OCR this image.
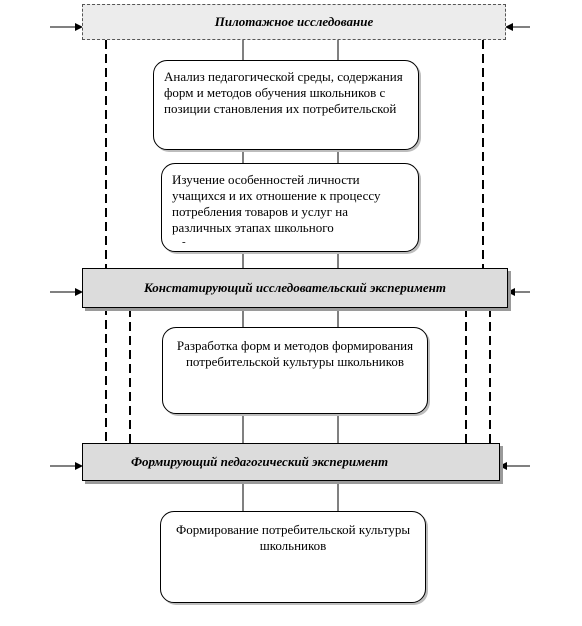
Пилотажное исследование
Анализ педагогической среды, содержания форм и методов обучения школьников с позиции становления их потребительской
Изучение особенностей личности учащихся и их отношение к процессу потребления товаров и услуг на различных этапах школьного
-
Констатирующий исследовательский эксперимент
Разработка форм и методов формирования потребительской культуры школьников
Формирующий педагогический эксперимент
Формирование потребительской культуры школьников
